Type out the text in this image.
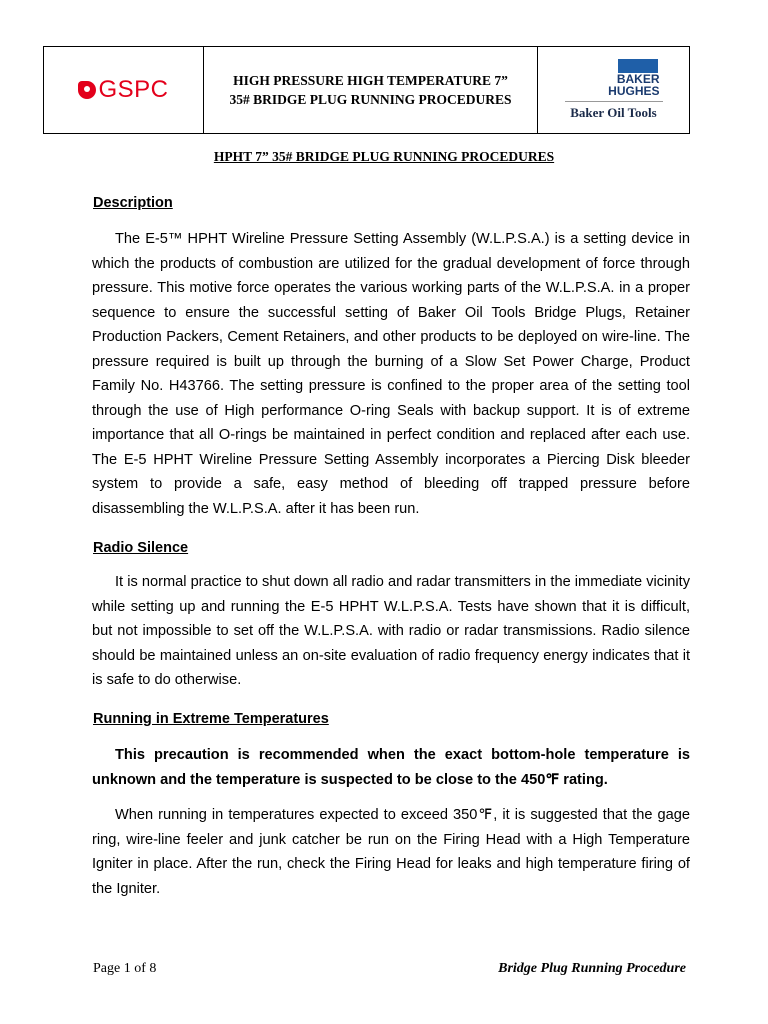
GSPC	HIGH PRESSURE HIGH TEMPERATURE 7”
35# BRIDGE PLUG RUNNING PROCEDURES
BAKER
HUGHES
Baker Oil Tools
HPHT 7” 35# BRIDGE PLUG RUNNING PROCEDURES
Description

The E-5™ HPHT Wireline Pressure Setting Assembly (W.L.P.S.A.) is a setting device in which the products of combustion are utilized for the gradual development of force through pressure. This motive force operates the various working parts of the W.L.P.S.A. in a proper sequence to ensure the successful setting of Baker Oil Tools Bridge Plugs, Retainer Production Packers, Cement Retainers, and other products to be deployed on wire-line. The pressure required is built up through the burning of a Slow Set Power Charge, Product Family No. H43766. The setting pressure is confined to the proper area of the setting tool through the use of High performance O-ring Seals with backup support. It is of extreme importance that all O-rings be maintained in perfect condition and replaced after each use. The E-5 HPHT Wireline Pressure Setting Assembly incorporates a Piercing Disk bleeder system to provide a safe, easy method of bleeding off trapped pressure before disassembling the W.L.P.S.A. after it has been run.

Radio Silence

It is normal practice to shut down all radio and radar transmitters in the immediate vicinity while setting up and running the E-5 HPHT W.L.P.S.A. Tests have shown that it is difficult, but not impossible to set off the W.L.P.S.A. with radio or radar transmissions. Radio silence should be maintained unless an on-site evaluation of radio frequency energy indicates that it is safe to do otherwise.

Running in Extreme Temperatures

This precaution is recommended when the exact bottom-hole temperature is unknown and the temperature is suspected to be close to the 450℉ rating.

When running in temperatures expected to exceed 350℉, it is suggested that the gage ring, wire-line feeler and junk catcher be run on the Firing Head with a High Temperature Igniter in place. After the run, check the Firing Head for leaks and high temperature firing of the Igniter.

Page 1 of 8	Bridge Plug Running Procedure
